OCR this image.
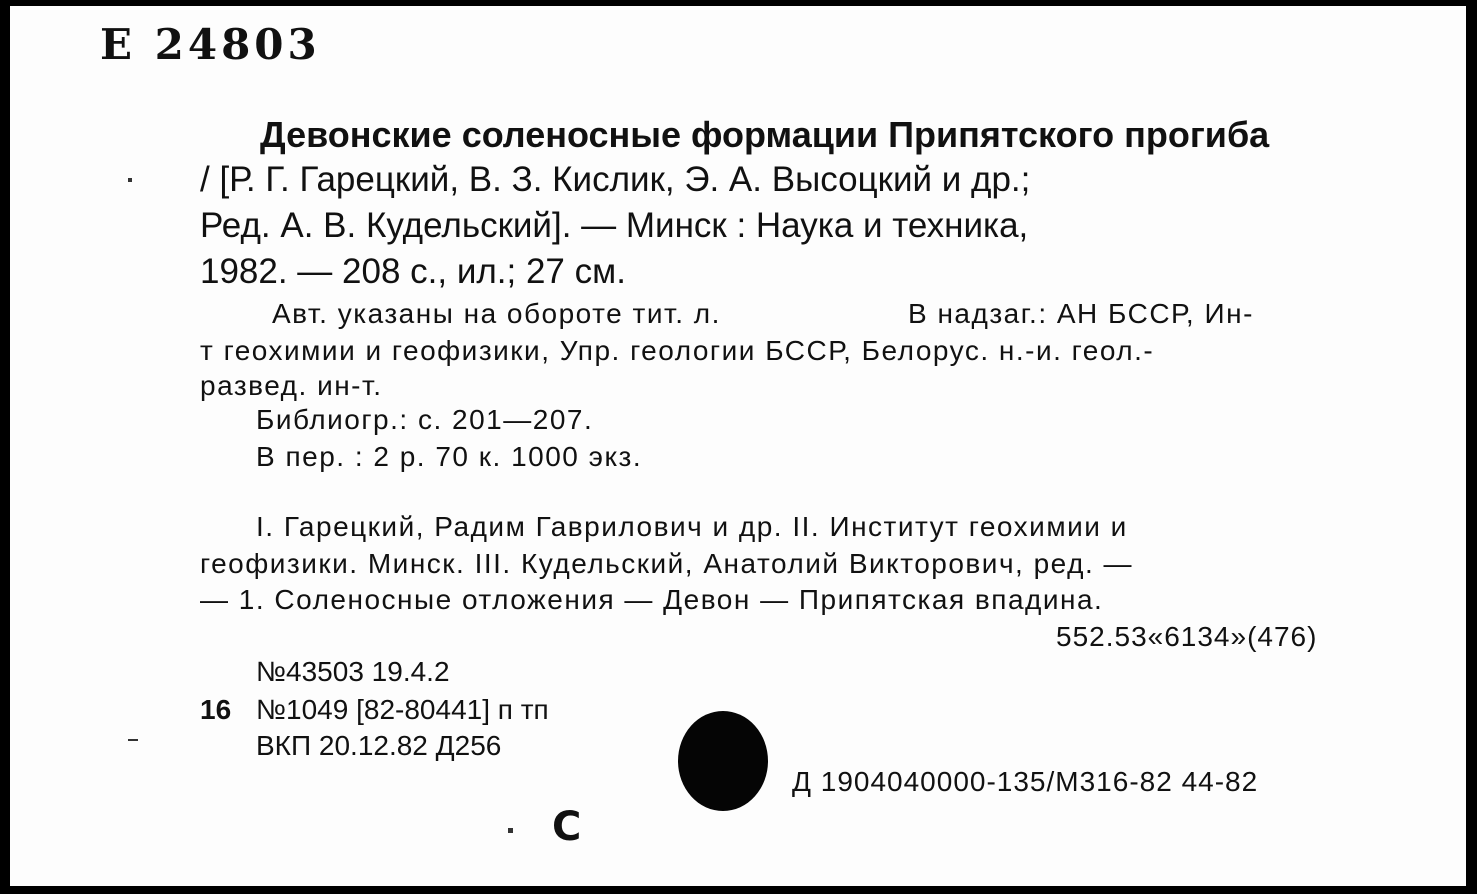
Е 24803
Девонские соленосные формации Припятского прогиба
/ [Р. Г. Гарецкий, В. З. Кислик, Э. А. Высоцкий и др.;
Ред. А. В. Кудельский]. — Минск : Наука и техника,
1982. — 208 с., ил.; 27 см.
Авт. указаны на обороте тит. л.	В надзаг.: АН БССР, Ин-
т геохимии и геофизики, Упр. геологии БССР, Белорус. н.-и. геол.-
развед. ин-т.
Библиогр.: с. 201—207.
В пер. : 2 р. 70 к. 1000 экз.
I. Гарецкий, Радим Гаврилович и др. II. Институт геохимии и
геофизики. Минск. III. Кудельский, Анатолий Викторович, ред. —
— 1. Соленосные отложения — Девон — Припятская впадина.
552.53«6134»(476)
№43503 19.4.2
16 №1049 [82-80441] п тп
ВКП 20.12.82 Д256
Д 1904040000-135/М316-82 44-82
С
